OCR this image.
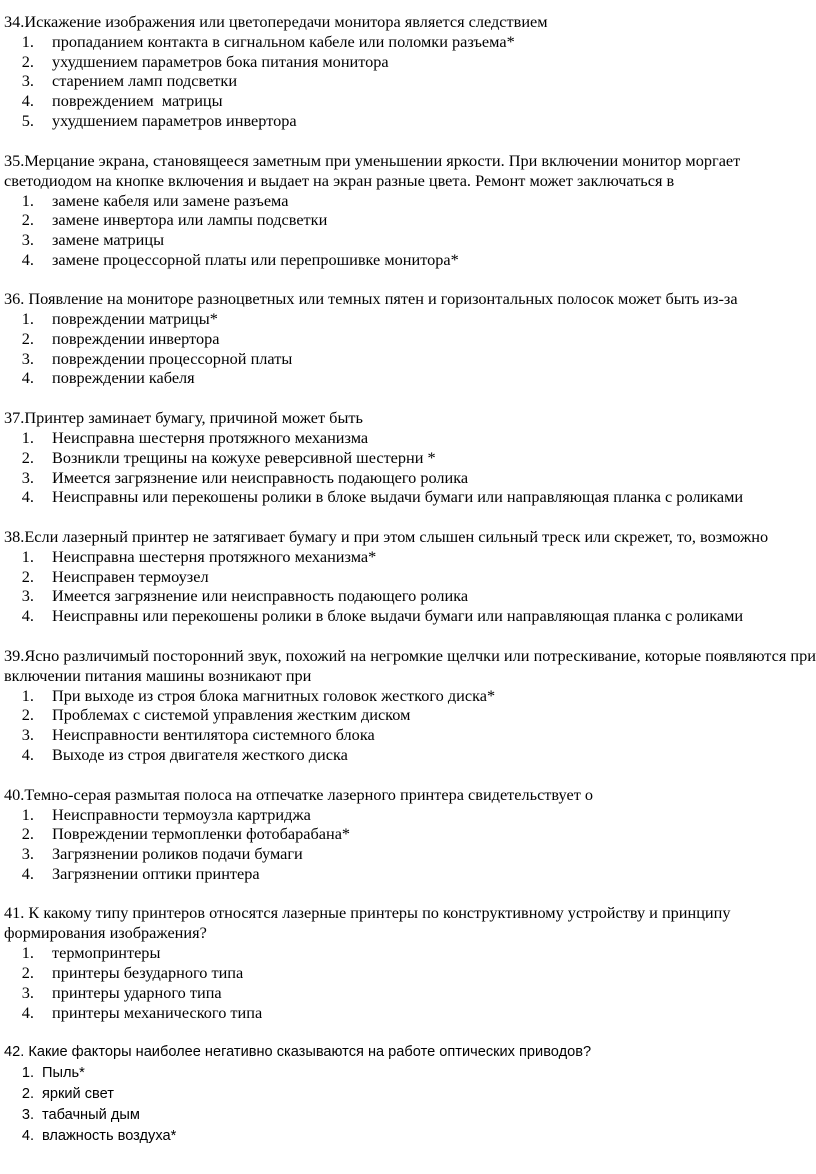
34.Искажение изображения или цветопередачи монитора является следствием

1. пропаданием контакта в сигнальном кабеле или поломки разъема*
2. ухудшением параметров бока питания монитора
3. старением ламп подсветки
4. повреждением  матрицы
5. ухудшением параметров инвертора

35.Мерцание экрана, становящееся заметным при уменьшении яркости. При включении монитор моргает светодиодом на кнопке включения и выдает на экран разные цвета. Ремонт может заключаться в

1. замене кабеля или замене разъема
2. замене инвертора или лампы подсветки
3. замене матрицы
4. замене процессорной платы или перепрошивке монитора*

36. Появление на мониторе разноцветных или темных пятен и горизонтальных полосок может быть из-за

1. повреждении матрицы*
2. повреждении инвертора
3. повреждении процессорной платы
4. повреждении кабеля

37.Принтер заминает бумагу, причиной может быть

1. Неисправна шестерня протяжного механизма
2. Возникли трещины на кожухе реверсивной шестерни *
3. Имеется загрязнение или неисправность подающего ролика
4. Неисправны или перекошены ролики в блоке выдачи бумаги или направляющая планка с роликами

38.Если лазерный принтер не затягивает бумагу и при этом слышен сильный треск или скрежет, то, возможно

1. Неисправна шестерня протяжного механизма*
2. Неисправен термоузел
3. Имеется загрязнение или неисправность подающего ролика
4. Неисправны или перекошены ролики в блоке выдачи бумаги или направляющая планка с роликами

39.Ясно различимый посторонний звук, похожий на негромкие щелчки или потрескивание, которые появляются при включении питания машины возникают при

1. При выходе из строя блока магнитных головок жесткого диска*
2. Проблемах с системой управления жестким диском
3. Неисправности вентилятора системного блока
4. Выходе из строя двигателя жесткого диска

40.Темно-серая размытая полоса на отпечатке лазерного принтера свидетельствует о

1. Неисправности термоузла картриджа
2. Повреждении термопленки фотобарабана*
3. Загрязнении роликов подачи бумаги
4. Загрязнении оптики принтера

41. К какому типу принтеров относятся лазерные принтеры по конструктивному устройству и принципу формирования изображения?

1. термопринтеры
2. принтеры безударного типа
3. принтеры ударного типа
4. принтеры механического типа

42. Какие факторы наиболее негативно сказываются на работе оптических приводов?

1. Пыль*
2. яркий свет
3. табачный дым
4. влажность воздуха*
